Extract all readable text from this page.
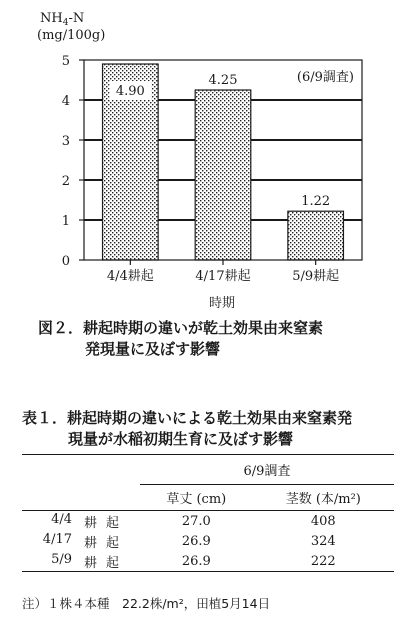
$NH_4-N$
(mg/100g)
4.90
4.25
1.22
0
1
2
3
4
5
4/4耕起	4/17耕起	5/9耕起
(6/9調査)
時期
図２．耕起時期の違いが乾土効果由来窒素
発現量に及ぼす影響
表１．耕起時期の違いによる乾土効果由来窒素発
現量が水稲初期生育に及ぼす影響
	6/9調査	
	草丈 (cm)	茎数 (本/m²)

4/4 耕起	27.0	408

4/17 耕起	26.9	324

5/9 耕起	26.9	222
注）１株４本種　22.2株/m²，田植5月14日
